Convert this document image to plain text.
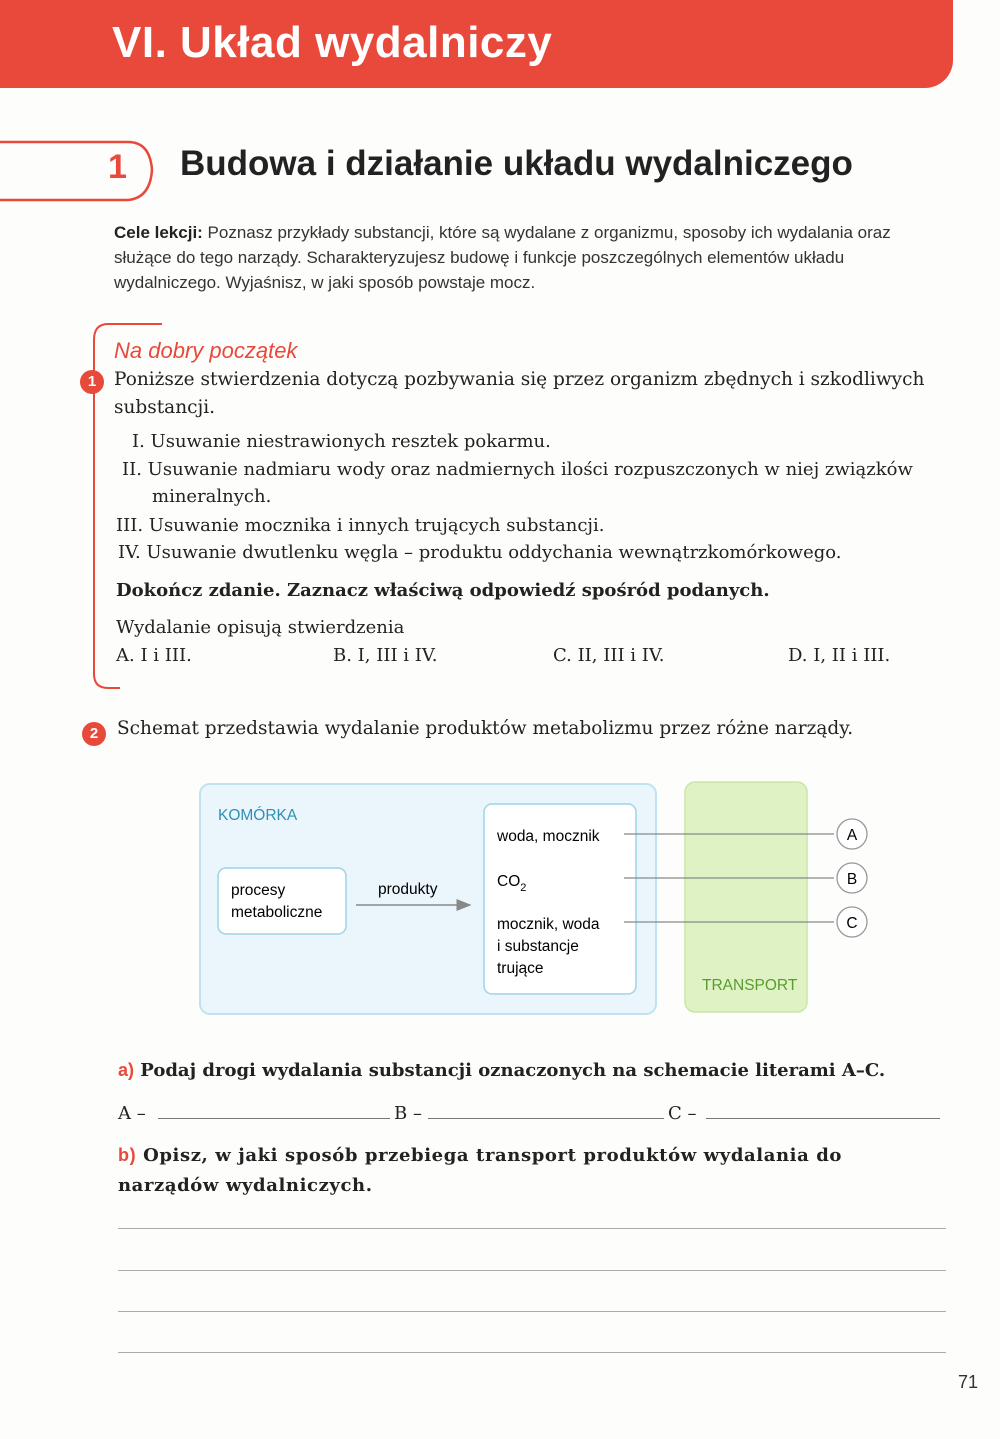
VI. Układ wydalniczy
1 Budowa i działanie układu wydalniczego
Cele lekcji: Poznasz przykłady substancji, które są wydalane z organizmu, sposoby ich wydalania oraz służące do tego narządy. Scharakteryzujesz budowę i funkcje poszczególnych elementów układu wydalniczego. Wyjaśnisz, w jaki sposób powstaje mocz.
Na dobry początek
1 Poniższe stwierdzenia dotyczą pozbywania się przez organizm zbędnych i szkodliwych substancji.
I. Usuwanie niestrawionych resztek pokarmu.
II. Usuwanie nadmiaru wody oraz nadmiernych ilości rozpuszczonych w niej związków
mineralnych.
III. Usuwanie mocznika i innych trujących substancji.
IV. Usuwanie dwutlenku węgla – produktu oddychania wewnątrzkomórkowego.
Dokończ zdanie. Zaznacz właściwą odpowiedź spośród podanych.
Wydalanie opisują stwierdzenia
A. I i III.	B. I, III i IV.	C. II, III i IV.	D. I, II i III.
2	Schemat przedstawia wydalanie produktów metabolizmu przez różne narządy.
KOMÓRKA
procesy
metaboliczne
produkty
woda, mocznik
$CO_2$
mocznik, woda
i substancje
trujące
TRANSPORT
A
B
C
a) Podaj drogi wydalania substancji oznaczonych na schemacie literami A–C.
A –	B –	C –
b) Opisz, w jaki sposób przebiega transport produktów wydalania do narządów wydalniczych.
71
